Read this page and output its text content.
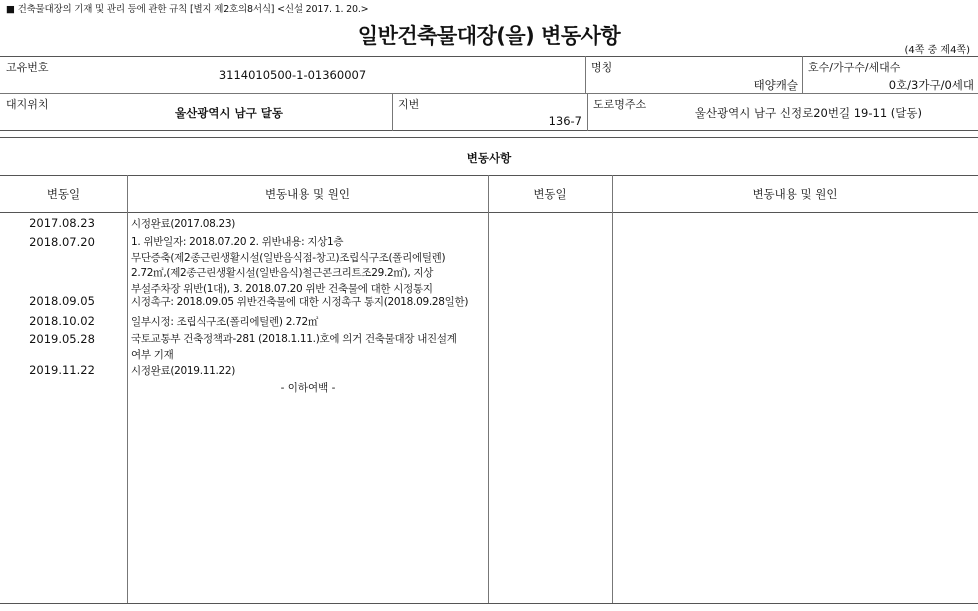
■ 건축물대장의 기재 및 관리 등에 관한 규칙 [별지 제2호의8서식] <신설 2017. 1. 20.>
일반건축물대장(을) 변동사항
(4쪽 중 제4쪽)
고유번호
3114010500-1-01360007
명칭
태양캐슬
호수/가구수/세대수
0호/3가구/0세대
대지위치
울산광역시 남구 달동
지번
136-7
도로명주소
울산광역시 남구 신정로20번길 19-11 (달동)
변동사항
변동일	변동내용 및 원인	변동일	변동내용 및 원인
2017.08.23	시정완료(2017.08.23)
2018.07.20	1. 위반일자: 2018.07.20 2. 위반내용: 지상1층
무단증축(제2종근린생활시설(일반음식점-창고)조립식구조(폴리에틸렌)
2.72㎡,(제2종근린생활시설(일반음식)철근콘크리트조29.2㎡), 지상
부설주차장 위반(1대), 3. 2018.07.20 위반 건축물에 대한 시정통지
2018.09.05	시정촉구: 2018.09.05 위반건축물에 대한 시정촉구 통지(2018.09.28일한)
2018.10.02	일부시정: 조립식구조(폴리에틸렌) 2.72㎡
2019.05.28	국토교통부 건축정책과-281 (2018.1.11.)호에 의거 건축물대장 내진설계
여부 기재
2019.11.22	시정완료(2019.11.22)
- 이하여백 -
